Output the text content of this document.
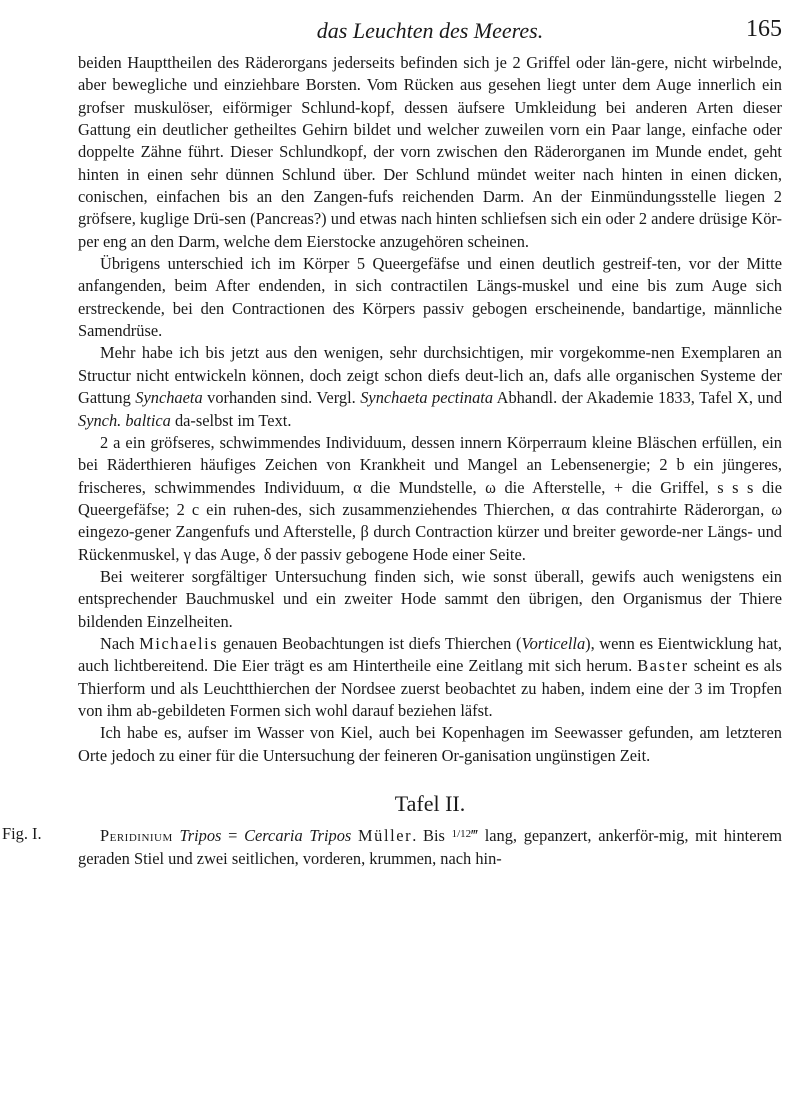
das Leuchten des Meeres.	165

beiden Haupttheilen des Räderorgans jederseits befinden sich je 2 Griffel oder län-gere, nicht wirbelnde, aber bewegliche und einziehbare Borsten. Vom Rücken aus gesehen liegt unter dem Auge innerlich ein grofser muskulöser, eiförmiger Schlund-kopf, dessen äufsere Umkleidung bei anderen Arten dieser Gattung ein deutlicher getheiltes Gehirn bildet und welcher zuweilen vorn ein Paar lange, einfache oder doppelte Zähne führt. Dieser Schlundkopf, der vorn zwischen den Räderorganen im Munde endet, geht hinten in einen sehr dünnen Schlund über. Der Schlund mündet weiter nach hinten in einen dicken, conischen, einfachen bis an den Zangen-fufs reichenden Darm. An der Einmündungsstelle liegen 2 gröfsere, kuglige Drü-sen (Pancreas?) und etwas nach hinten schliefsen sich ein oder 2 andere drüsige Kör-per eng an den Darm, welche dem Eierstocke anzugehören scheinen.

Übrigens unterschied ich im Körper 5 Queergefäfse und einen deutlich gestreif-ten, vor der Mitte anfangenden, beim After endenden, in sich contractilen Längs-muskel und eine bis zum Auge sich erstreckende, bei den Contractionen des Körpers passiv gebogen erscheinende, bandartige, männliche Samendrüse.

Mehr habe ich bis jetzt aus den wenigen, sehr durchsichtigen, mir vorgekomme-nen Exemplaren an Structur nicht entwickeln können, doch zeigt schon diefs deut-lich an, dafs alle organischen Systeme der Gattung Synchaeta vorhanden sind. Vergl. Synchaeta pectinata Abhandl. der Akademie 1833, Tafel X, und Synch. baltica da-selbst im Text.

2 a ein gröfseres, schwimmendes Individuum, dessen innern Körperraum kleine Bläschen erfüllen, ein bei Räderthieren häufiges Zeichen von Krankheit und Mangel an Lebensenergie; 2 b ein jüngeres, frischeres, schwimmendes Individuum, α die Mundstelle, ω die Afterstelle, + die Griffel, s s s die Queergefäfse; 2 c ein ruhen-des, sich zusammenziehendes Thierchen, α das contrahirte Räderorgan, ω eingezo-gener Zangenfufs und Afterstelle, β durch Contraction kürzer und breiter geworde-ner Längs- und Rückenmuskel, γ das Auge, δ der passiv gebogene Hode einer Seite.

Bei weiterer sorgfältiger Untersuchung finden sich, wie sonst überall, gewifs auch wenigstens ein entsprechender Bauchmuskel und ein zweiter Hode sammt den übrigen, den Organismus der Thiere bildenden Einzelheiten.

Nach Michaelis genauen Beobachtungen ist diefs Thierchen (Vorticella), wenn es Eientwicklung hat, auch lichtbereitend. Die Eier trägt es am Hintertheile eine Zeitlang mit sich herum. Baster scheint es als Thierform und als Leuchtthierchen der Nordsee zuerst beobachtet zu haben, indem eine der 3 im Tropfen von ihm ab-gebildeten Formen sich wohl darauf beziehen läfst.

Ich habe es, aufser im Wasser von Kiel, auch bei Kopenhagen im Seewasser gefunden, am letzteren Orte jedoch zu einer für die Untersuchung der feineren Or-ganisation ungünstigen Zeit.

Tafel II.

Fig. I.	Peridinium Tripos = Cercaria Tripos Müller. Bis $^{1/12}$‴ lang, gepanzert, ankerför-mig, mit hinterem geraden Stiel und zwei seitlichen, vorderen, krummen, nach hin-
